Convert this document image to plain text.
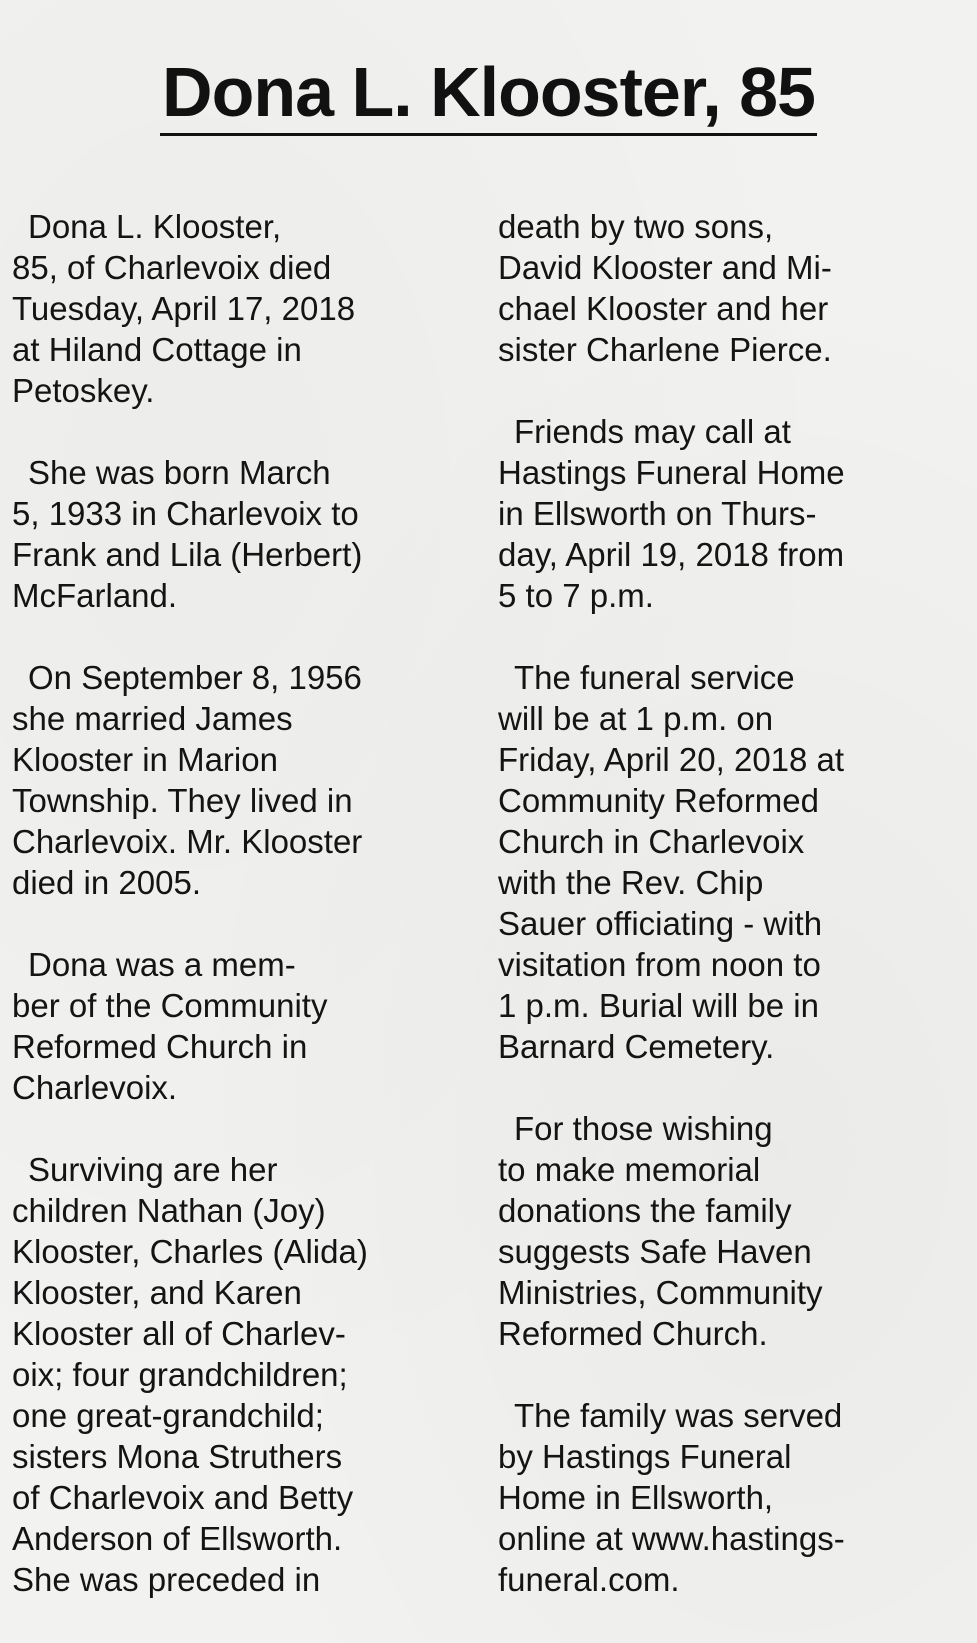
Dona L. Klooster, 85

Dona L. Klooster,
85, of Charlevoix died
Tuesday, April 17, 2018
at Hiland Cottage in
Petoskey.

She was born March
5, 1933 in Charlevoix to
Frank and Lila (Herbert)
McFarland.

On September 8, 1956
she married James
Klooster in Marion
Township. They lived in
Charlevoix. Mr. Klooster
died in 2005.

Dona was a mem-
ber of the Community
Reformed Church in
Charlevoix.

Surviving are her
children Nathan (Joy)
Klooster, Charles (Alida)
Klooster, and Karen
Klooster all of Charlev-
oix; four grandchildren;
one great-grandchild;
sisters Mona Struthers
of Charlevoix and Betty
Anderson of Ellsworth.
She was preceded in

death by two sons,
David Klooster and Mi-
chael Klooster and her
sister Charlene Pierce.

Friends may call at
Hastings Funeral Home
in Ellsworth on Thurs-
day, April 19, 2018 from
5 to 7 p.m.

The funeral service
will be at 1 p.m. on
Friday, April 20, 2018 at
Community Reformed
Church in Charlevoix
with the Rev. Chip
Sauer officiating - with
visitation from noon to
1 p.m. Burial will be in
Barnard Cemetery.

For those wishing
to make memorial
donations the family
suggests Safe Haven
Ministries, Community
Reformed Church.

The family was served
by Hastings Funeral
Home in Ellsworth,
online at www.hastings-
funeral.com.
